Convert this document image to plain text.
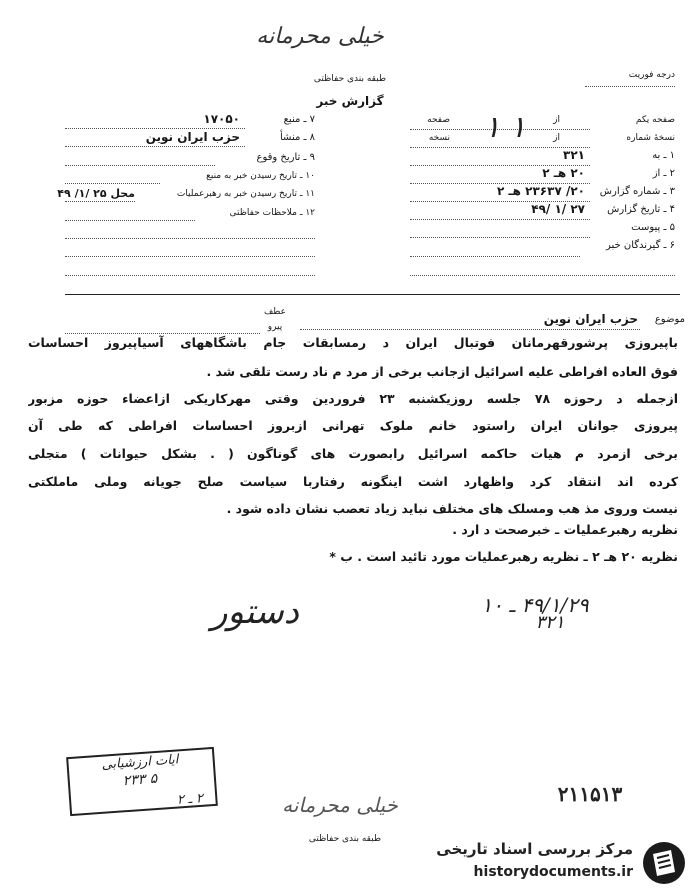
خیلی محرمانه
طبقه بندی حفاظتی
گزارش خبر
درجه فوریت
صفحه یکم
از
صفحه
نسخهٔ شماره
از
۱ ۱
نسخه
۱ ـ به
۳۲۱
۲ ـ از
۲۰ هـ ۲
۳ ـ شماره گزارش
۲۰/ ۲۳۶۳۷ هـ ۲
۴ ـ تاریخ گزارش
۴۹/ ۱/ ۲۷
۵ ـ پیوست
۶ ـ گیرندگان خبر
۷ ـ منبع
۱۷۰۵۰
۸ ـ منشأ
حزب ایران نوین
۹ ـ تاریخ وقوع
۱۰ ـ تاریخ رسیدن خبر به منبع
۱۱ ـ تاریخ رسیدن خبر به رهبرعملیات
محل ۲۵ /۱/ ۴۹
۱۲ ـ ملاحظات حفاظتی
عطف
پیرو
موضوع
حزب ایران نوین
باپیروزی پرشورقهرمانان فوتبال ایران د رمسابقات جام باشگاههای آسیاپیروز احساسات
فوق العاده افراطی علیه اسرائیل ازجانب برخی از مرد م ناد رست تلقی شد .
ازجمله د رحوزه ۷۸ جلسه روزیکشنبه ۲۳ فروردین وقتی مهرکاریکی ازاعضاء حوزه مزبور
پیروزی جوانان ایران راستود خانم ملوک تهرانی ازبروز احساسات افراطی که طی آن
برخی ازمرد م هیات حاکمه اسرائیل رابصورت های گوناگون ( . بشکل حیوانات ) متجلی
کرده اند انتقاد کرد واظهارد اشت اینگونه رفتاربا سیاست صلح جویانه وملی ماملکتی
نیست وروی مذ هب ومسلک های مختلف نباید زیاد تعصب نشان داده شود .
نظریه رهبرعملیات ـ خبرصحت د ارد .
نظریه ۲۰ هـ ۲ ـ نظریه رهبرعملیات مورد تائید است . ب *
۴۹/۱/۲۹ ـ ۱۰
۳۲۱
دستور
ایات ارزشیابی
۲۳۳ ۵
۲ ـ ۲	۲۱۱۵۱۳
خیلی محرمانه
طبقه بندی حفاظتی
مرکز بررسی اسناد تاریخی
historydocuments.ir
